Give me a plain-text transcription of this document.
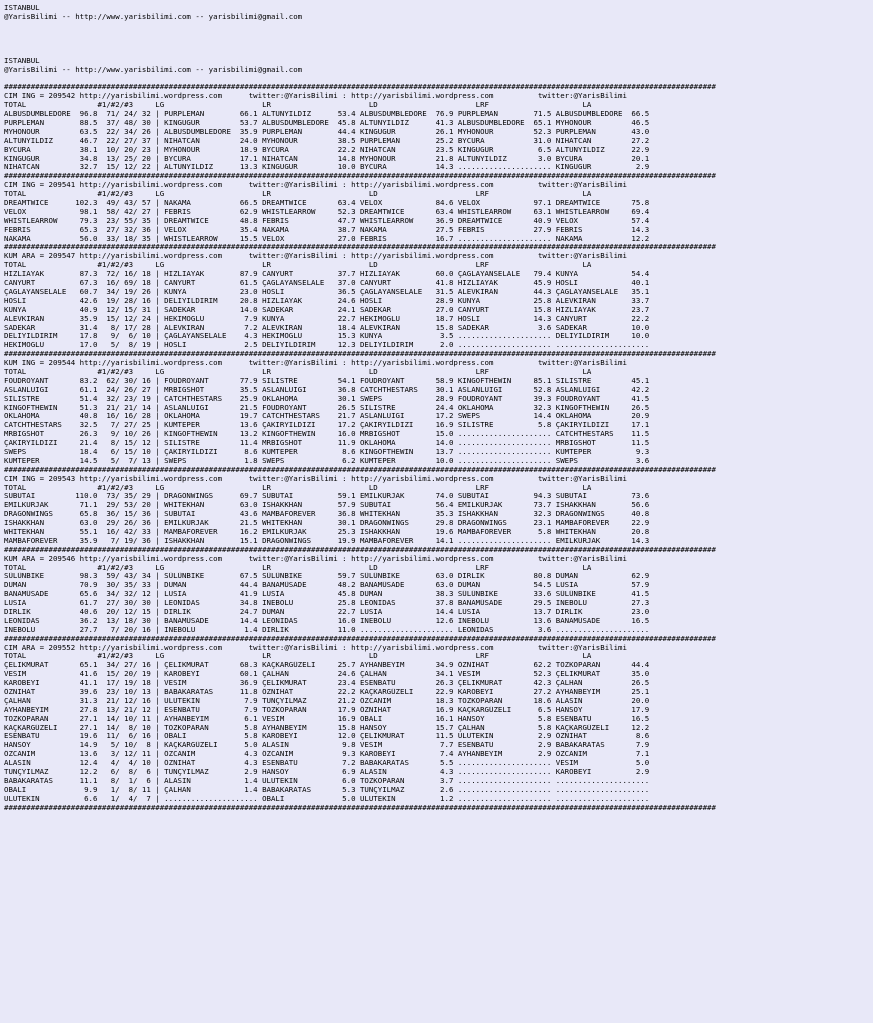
ISTANBUL
@YarisBilimi -- http://www.yarisbilimi.com -- yarisbilimi@gmail.com
ISTANBUL
@YarisBilimi -- http://www.yarisbilimi.com -- yarisbilimi@gmail.com
################################################################################################################################################################
CIM ING = 209542 http://yarisbilimi.wordpress.com      twitter:@YarisBilimi : http://yarisbilimi.wordpress.com          twitter:@YarisBilimi
TOTAL                #1/#2/#3     LG                      LR                      LD                      LRF                     LA
ALBUSDUMBLEDORE  96.8  71/ 24/ 32 | PURPLEMAN        66.1 ALTUNYILDIZ      53.4 ALBUSDUMBLEDORE  76.9 PURPLEMAN        71.5 ALBUSDUMBLEDORE  66.5
PURPLEMAN        88.5  37/ 48/ 30 | KINGUGUR         53.7 ALBUSDUMBLEDORE  45.8 ALTUNYILDIZ      41.3 ALBUSDUMBLEDORE  65.1 MYHONOUR         46.5
MYHONOUR         63.5  22/ 34/ 26 | ALBUSDUMBLEDORE  35.9 PURPLEMAN        44.4 KINGUGUR         26.1 MYHONOUR         52.3 PURPLEMAN        43.0
ALTUNYILDIZ      46.7  22/ 27/ 37 | NIHATCAN         24.0 MYHONOUR         38.5 PURPLEMAN        25.2 BYCURA           31.0 NIHATCAN         27.2
BYCURA           38.1  10/ 20/ 23 | MYHONOUR         18.9 BYCURA           22.2 NIHATCAN         23.5 KINGUGUR          6.5 ALTUNYILDIZ      22.9
KINGUGUR         34.8  13/ 25/ 20 | BYCURA           17.1 NIHATCAN         14.8 MYHONOUR         21.8 ALTUNYILDIZ       3.0 BYCURA           20.1
NIHATCAN         32.7  15/ 12/ 22 | ALTUNYILDIZ      13.3 KINGUGUR         10.0 BYCURA           14.3 ..................... KINGUGUR          2.9
################################################################################################################################################################
CIM ING = 209541 http://yarisbilimi.wordpress.com      twitter:@YarisBilimi : http://yarisbilimi.wordpress.com          twitter:@YarisBilimi
TOTAL                #1/#2/#3     LG                      LR                      LD                      LRF                     LA
DREAMTWICE      102.3  49/ 43/ 57 | NAKAMA           66.5 DREAMTWICE       63.4 VELOX            84.6 VELOX            97.1 DREAMTWICE       75.8
VELOX            98.1  58/ 42/ 27 | FEBRIS           62.9 WHISTLEARROW     52.3 DREAMTWICE       63.4 WHISTLEARROW     63.1 WHISTLEARROW     69.4
WHISTLEARROW     79.3  23/ 55/ 35 | DREAMTWICE       48.8 FEBRIS           47.7 WHISTLEARROW     36.9 DREAMTWICE       40.9 VELOX            57.4
FEBRIS           65.3  27/ 32/ 36 | VELOX            35.4 NAKAMA           38.7 NAKAMA           27.5 FEBRIS           27.9 FEBRIS           14.3
NAKAMA           56.0  33/ 18/ 35 | WHISTLEARROW     15.5 VELOX            27.0 FEBRIS           16.7 ..................... NAKAMA           12.2
################################################################################################################################################################
KUM ARA = 209547 http://yarisbilimi.wordpress.com      twitter:@YarisBilimi : http://yarisbilimi.wordpress.com          twitter:@YarisBilimi
TOTAL                #1/#2/#3     LG                      LR                      LD                      LRF                     LA
HIZLIAYAK        87.3  72/ 16/ 18 | HIZLIAYAK        87.9 CANYURT          37.7 HIZLIAYAK        60.0 ÇAGLAYANSELALE   79.4 KUNYA            54.4
CANYURT          67.3  16/ 69/ 18 | CANYURT          61.5 ÇAGLAYANSELALE   37.0 CANYURT          41.8 HIZLIAYAK        45.9 HOSLI            40.1
ÇAGLAYANSELALE   60.7  34/ 19/ 26 | KUNYA            23.0 HOSLI            36.5 ÇAGLAYANSELALE   31.5 ALEVKIRAN        44.3 ÇAGLAYANSELALE   35.1
HOSLI            42.6  19/ 28/ 16 | DELIYILDIRIM     20.8 HIZLIAYAK        24.6 HOSLI            28.9 KUNYA            25.8 ALEVKIRAN        33.7
KUNYA            40.9  12/ 15/ 31 | SADEKAR          14.0 SADEKAR          24.1 SADEKAR          27.0 CANYURT          15.8 HIZLIAYAK        23.7
ALEVKIRAN        35.9  15/ 12/ 24 | HEKIMOGLU         7.9 KUNYA            22.7 HEKIMOGLU        18.7 HOSLI            14.3 CANYURT          22.2
SADEKAR          31.4   8/ 17/ 28 | ALEVKIRAN         7.2 ALEVKIRAN        18.4 ALEVKIRAN        15.8 SADEKAR           3.6 SADEKAR          10.0
DELIYILDIRIM     17.8   9/  6/ 10 | ÇAGLAYANSELALE    4.3 HEKIMOGLU        15.3 KUNYA             3.5 ..................... DELIYILDIRIM     10.0
HEKIMOGLU        17.0   5/  8/ 19 | HOSLI             2.5 DELIYILDIRIM     12.3 DELIYILDIRIM      2.0 ..................... .....................
################################################################################################################################################################
KUM ING = 209544 http://yarisbilimi.wordpress.com      twitter:@YarisBilimi : http://yarisbilimi.wordpress.com          twitter:@YarisBilimi
TOTAL                #1/#2/#3     LG                      LR                      LD                      LRF                     LA
FOUDROYANT       83.2  62/ 30/ 16 | FOUDROYANT       77.9 SILISTRE         54.1 FOUDROYANT       58.9 KINGOFTHEWIN     85.1 SILISTRE         45.1
ASLANLUIGI       61.1  24/ 26/ 27 | MRBIGSHOT        35.5 ASLANLUIGI       36.8 CATCHTHESTARS    30.1 ASLANLUIGI       52.8 ASLANLUIGI       42.2
SILISTRE         51.4  32/ 23/ 19 | CATCHTHESTARS    25.9 OKLAHOMA         30.1 SWEPS            28.9 FOUDROYANT       39.3 FOUDROYANT       41.5
KINGOFTHEWIN     51.3  21/ 21/ 14 | ASLANLUIGI       21.5 FOUDROYANT       26.5 SILISTRE         24.4 OKLAHOMA         32.3 KINGOFTHEWIN     26.5
OKLAHOMA         40.8  16/ 16/ 28 | OKLAHOMA         19.7 CATCHTHESTARS    21.7 ASLANLUIGI       17.2 SWEPS            14.4 OKLAHOMA         20.9
CATCHTHESTARS    32.5   7/ 27/ 25 | KUMTEPER         13.6 ÇAKIRYILDIZI     17.2 ÇAKIRYILDIZI     16.9 SILISTRE          5.8 ÇAKIRYILDIZI     17.1
MRBIGSHOT        26.3   9/ 10/ 26 | KINGOFTHEWIN     13.2 KINGOFTHEWIN     16.0 MRBIGSHOT        15.0 ..................... CATCHTHESTARS    11.5
ÇAKIRYILDIZI     21.4   8/ 15/ 12 | SILISTRE         11.4 MRBIGSHOT        11.9 OKLAHOMA         14.0 ..................... MRBIGSHOT        11.5
SWEPS            18.4   6/ 15/ 10 | ÇAKIRYILDIZI      8.6 KUMTEPER          8.6 KINGOFTHEWIN     13.7 ..................... KUMTEPER          9.3
KUMTEPER         14.5   5/  7/ 13 | SWEPS             1.8 SWEPS             6.2 KUMTEPER         10.0 ..................... SWEPS             3.6
################################################################################################################################################################
CIM ING = 209543 http://yarisbilimi.wordpress.com      twitter:@YarisBilimi : http://yarisbilimi.wordpress.com          twitter:@YarisBilimi
TOTAL                #1/#2/#3     LG                      LR                      LD                      LRF                     LA
SUBUTAI         110.0  73/ 35/ 29 | DRAGONWINGS      69.7 SUBUTAI          59.1 EMILKURJAK       74.0 SUBUTAI          94.3 SUBUTAI          73.6
EMILKURJAK       71.1  29/ 53/ 20 | WHITEKHAN        63.0 ISHAKKHAN        57.9 SUBUTAI          56.4 EMILKURJAK       73.7 ISHAKKHAN        56.6
DRAGONWINGS      65.8  36/ 15/ 36 | SUBUTAI          43.6 MAMBAFOREVER     36.8 WHITEKHAN        35.3 ISHAKKHAN        32.3 DRAGONWINGS      40.8
ISHAKKHAN        63.0  29/ 26/ 36 | EMILKURJAK       21.5 WHITEKHAN        30.1 DRAGONWINGS      29.8 DRAGONWINGS      23.1 MAMBAFOREVER     22.9
WHITEKHAN        55.1  16/ 42/ 33 | MAMBAFOREVER     16.2 EMILKURJAK       25.3 ISHAKKHAN        19.6 MAMBAFOREVER      5.8 WHITEKHAN        20.8
MAMBAFOREVER     35.9   7/ 19/ 36 | ISHAKKHAN        15.1 DRAGONWINGS      19.9 MAMBAFOREVER     14.1 ..................... EMILKURJAK       14.3
################################################################################################################################################################
KUM ARA = 209546 http://yarisbilimi.wordpress.com      twitter:@YarisBilimi : http://yarisbilimi.wordpress.com          twitter:@YarisBilimi
TOTAL                #1/#2/#3     LG                      LR                      LD                      LRF                     LA
SÜLÜNBIKE        98.3  59/ 43/ 34 | SÜLÜNBIKE        67.5 SÜLÜNBIKE        59.7 SÜLÜNBIKE        63.0 DIRLIK           80.8 DUMAN            62.9
DUMAN            70.9  30/ 35/ 33 | DUMAN            44.4 BANAMÜSADE       48.2 BANAMÜSADE       63.0 DUMAN            54.5 LUSIA            57.9
BANAMÜSADE       65.6  34/ 32/ 12 | LUSIA            41.9 LUSIA            45.8 DUMAN            38.3 SÜLÜNBIKE        33.6 SÜLÜNBIKE        41.5
LUSIA            61.7  27/ 30/ 30 | LEONIDAS         34.8 INEBOLU          25.8 LEONIDAS         37.8 BANAMÜSADE       29.5 INEBOLU          27.3
DIRLIK           40.6  20/ 12/ 15 | DIRLIK           24.7 DUMAN            22.7 LUSIA            14.4 LUSIA            13.7 DIRLIK           23.0
LEONIDAS         36.2  13/ 18/ 30 | BANAMÜSADE       14.4 LEONIDAS         16.0 INEBOLU          12.6 INEBOLU          13.6 BANAMÜSADE       16.5
INEBOLU          27.7   7/ 20/ 16 | INEBOLU           1.4 DIRLIK           11.0 ..................... LEONIDAS          3.6 .....................
################################################################################################################################################################
CIM ARA = 209552 http://yarisbilimi.wordpress.com      twitter:@YarisBilimi : http://yarisbilimi.wordpress.com          twitter:@YarisBilimi
TOTAL                #1/#2/#3     LG                      LR                      LD                      LRF                     LA
ÇELIKMURAT       65.1  34/ 27/ 16 | ÇELIKMURAT       68.3 KAÇKARGÜZELI     25.7 AYHANBEYIM       34.9 ÖZNIHAT          62.2 TOZKOPARAN       44.4
VESIM            41.6  15/ 20/ 19 | KAROBEYI         60.1 ÇALHAN           24.6 ÇALHAN           34.1 VESIM            52.3 ÇELIKMURAT       35.0
KAROBEYI         41.1  17/ 19/ 18 | VESIM            36.9 ÇELIKMURAT       23.4 ESENBATU         26.3 ÇELIKMURAT       42.3 ÇALHAN           26.5
ÖZNIHAT          39.6  23/ 10/ 13 | BABAKARATAS      11.8 ÖZNIHAT          22.2 KAÇKARGÜZELI     22.9 KAROBEYI         27.2 AYHANBEYIM       25.1
ÇALHAN           31.3  21/ 12/ 16 | ULUTEKIN          7.9 TUNÇYILMAZ       21.2 ÖZCANIM          18.3 TOZKOPARAN       18.6 ALASIN           20.0
AYHANBEYIM       27.8  13/ 21/ 12 | ESENBATU          7.9 TOZKOPARAN       17.9 ÖZNIHAT          16.9 KAÇKARGÜZELI      6.5 HANSOY           17.9
TOZKOPARAN       27.1  14/ 10/ 11 | AYHANBEYIM        6.1 VESIM            16.9 OBALI            16.1 HANSOY            5.8 ESENBATU         16.5
KAÇKARGÜZELI     27.1  14/  8/ 10 | TOZKOPARAN        5.8 AYHANBEYIM       15.8 HANSOY           15.7 ÇALHAN            5.8 KAÇKARGÜZELI     12.2
ESENBATU         19.6  11/  6/ 16 | OBALI             5.8 KAROBEYI         12.0 ÇELIKMURAT       11.5 ULUTEKIN          2.9 ÖZNIHAT           8.6
HANSOY           14.9   5/ 10/  8 | KAÇKARGÜZELI      5.0 ALASIN            9.8 VESIM             7.7 ESENBATU          2.9 BABAKARATAS       7.9
ÖZCANIM          13.6   3/ 12/ 11 | ÖZCANIM           4.3 ÖZCANIM           9.3 KAROBEYI          7.4 AYHANBEYIM        2.9 ÖZCANIM           7.1
ALASIN           12.4   4/  4/ 10 | ÖZNIHAT           4.3 ESENBATU          7.2 BABAKARATAS       5.5 ..................... VESIM             5.0
TUNÇYILMAZ       12.2   6/  8/  6 | TUNÇYILMAZ        2.9 HANSOY            6.9 ALASIN            4.3 ..................... KAROBEYI          2.9
BABAKARATAS      11.1   8/  1/  6 | ALASIN            1.4 ULUTEKIN          6.0 TOZKOPARAN        3.7 ..................... .....................
OBALI             9.9   1/  8/ 11 | ÇALHAN            1.4 BABAKARATAS       5.3 TUNÇYILMAZ        2.6 ..................... .....................
ULUTEKIN          6.6   1/  4/  7 | ..................... OBALI             5.0 ULUTEKIN          1.2 ..................... .....................
################################################################################################################################################################
